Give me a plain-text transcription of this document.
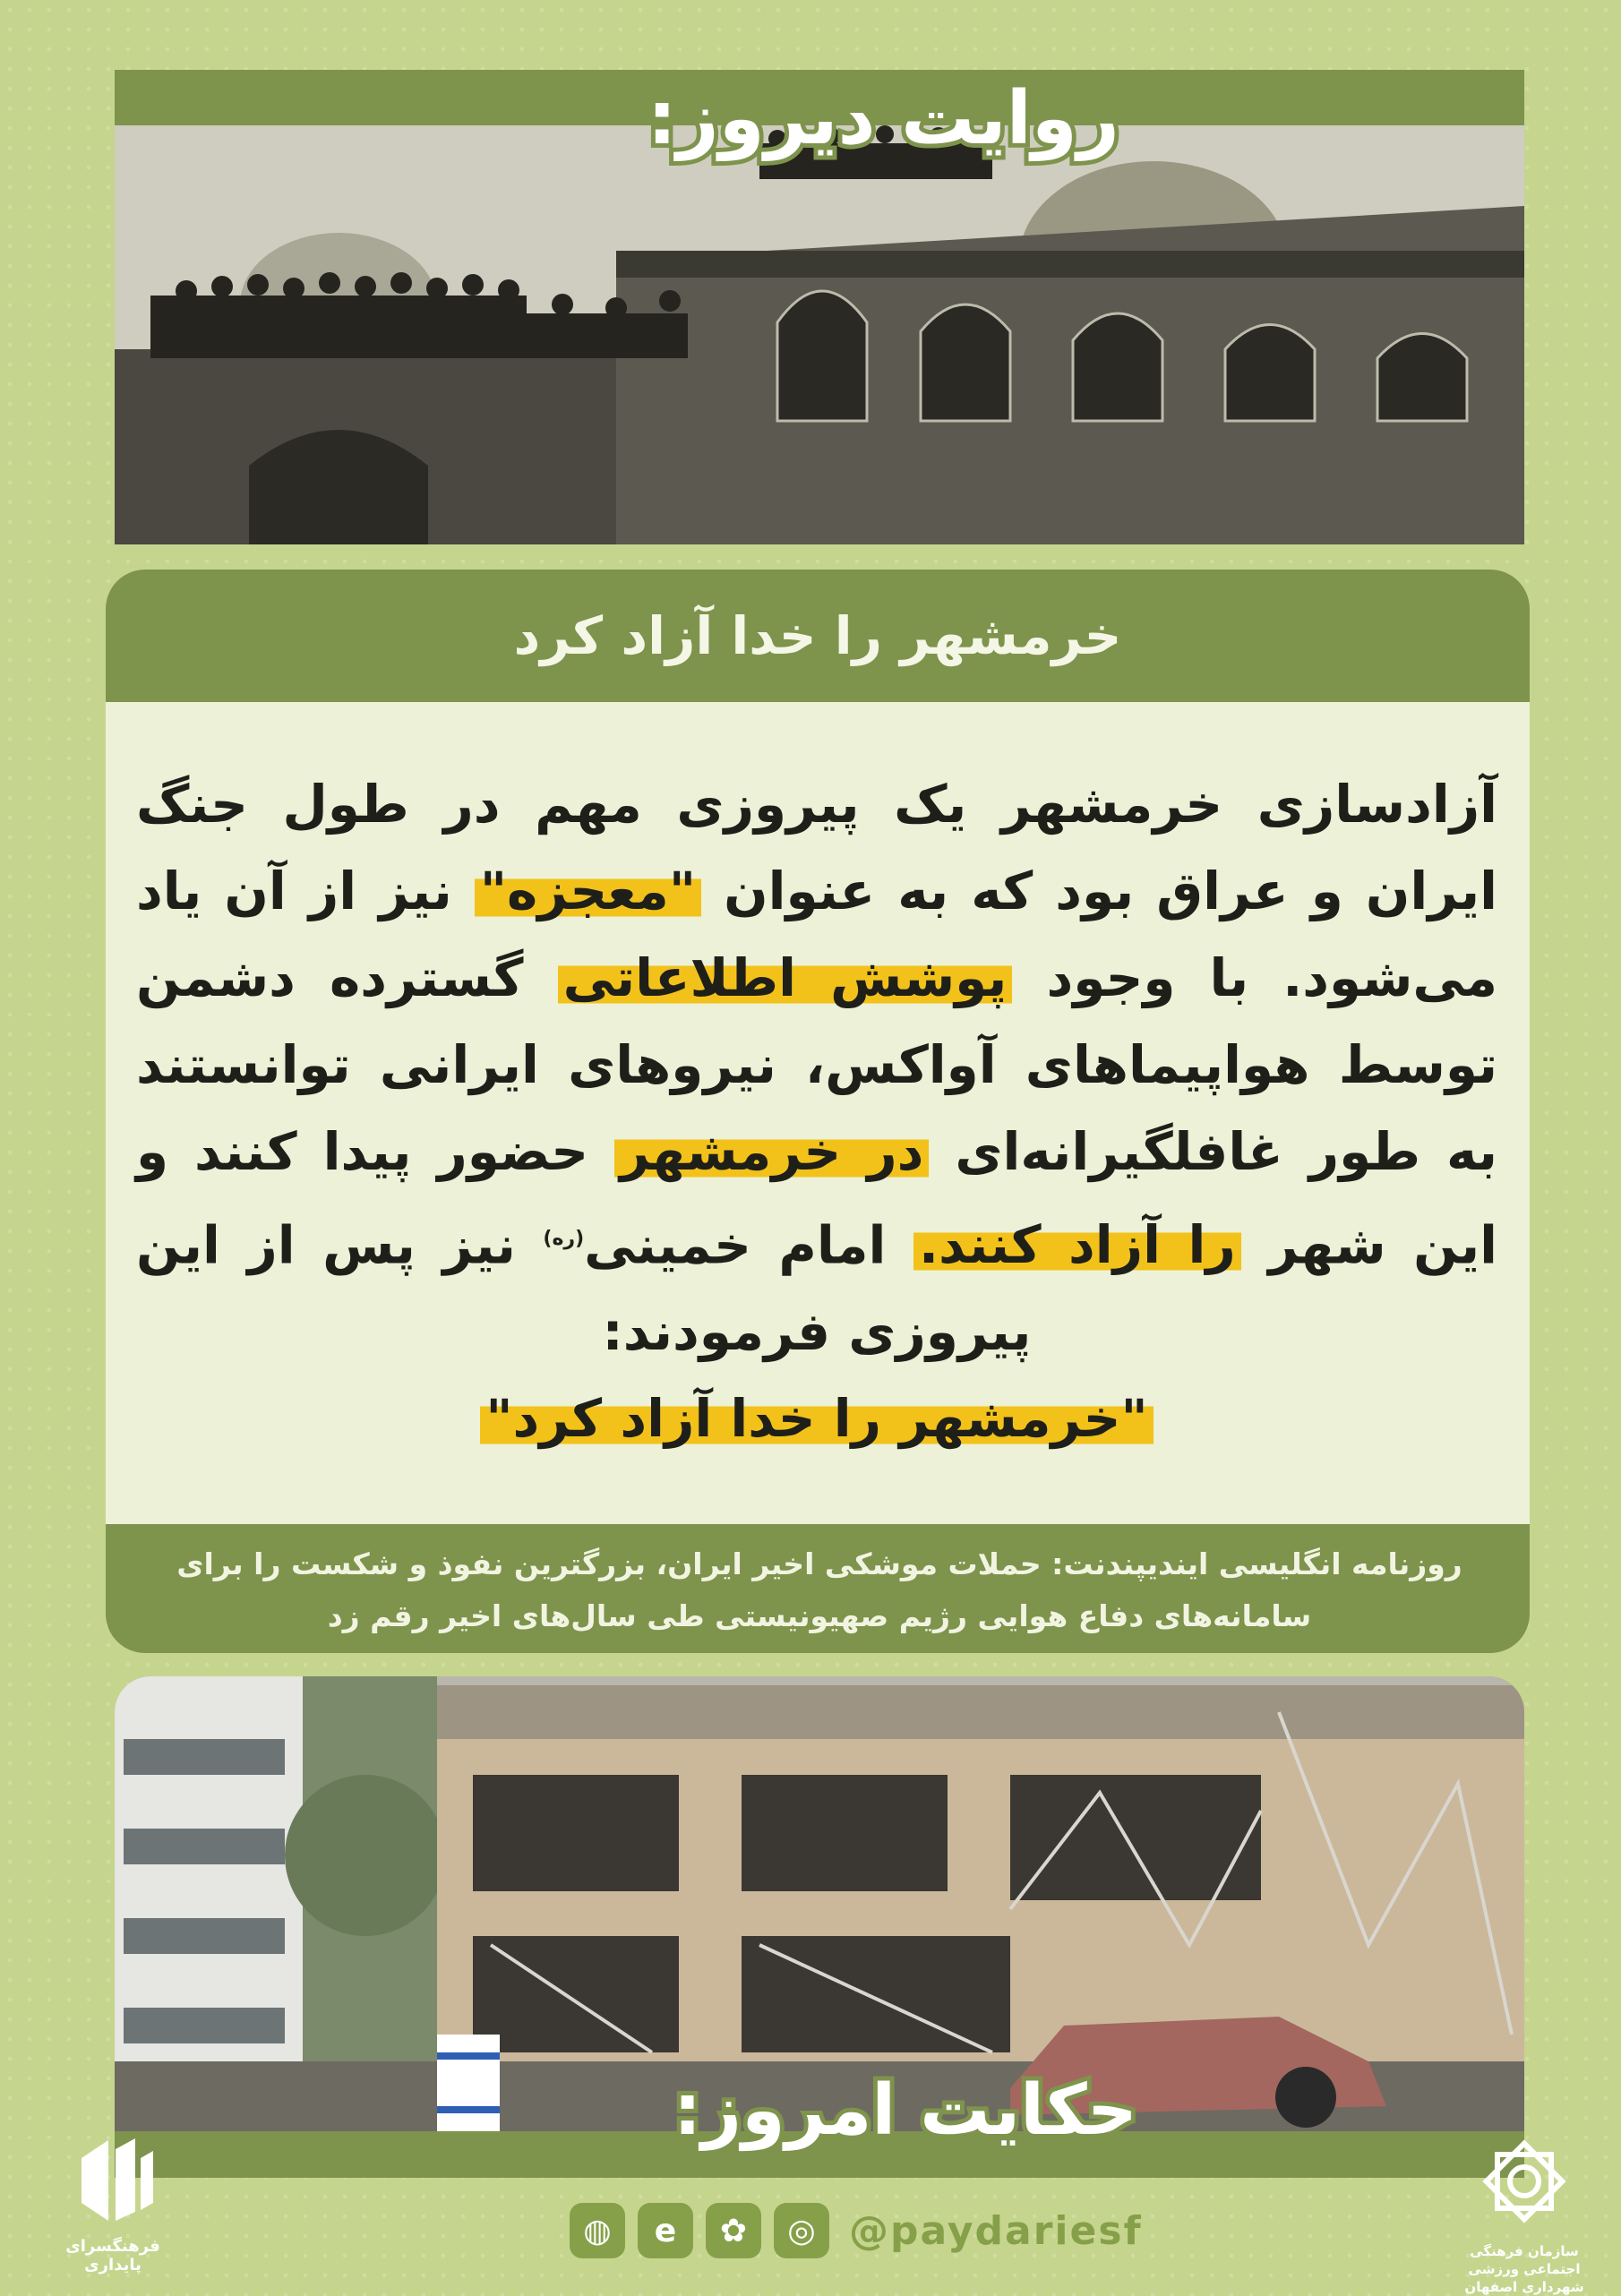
روایت دیروز:
خرمشهر را خدا آزاد کرد
آزادسازی خرمشهر یک پیروزی مهم در طول جنگ ایران و عراق بود که به عنوان "معجزه" نیز از آن یاد می‌شود. با وجود پوشش اطلاعاتی گسترده دشمن توسط هواپیماهای آواکس، نیروهای ایرانی توانستند به طور غافلگیرانه‌ای در خرمشهر حضور پیدا کنند و این شهر را آزاد کنند. امام خمینی$^{(ره)}$ نیز پس از این پیروزی فرمودند:
"خرمشهر را خدا آزاد کرد"
روزنامه انگلیسی ایندیپندنت: حملات موشکی اخیر ایران، بزرگترین نفوذ و شکست را برای سامانه‌های دفاع هوایی رژیم صهیونیستی طی سال‌های اخیر رقم زد
حکایت امروز:
فرهنگسرای پایداری
◍	e	✿	◎ @paydariesf	سازمان فرهنگی اجتماعی ورزشی شهرداری اصفهان
